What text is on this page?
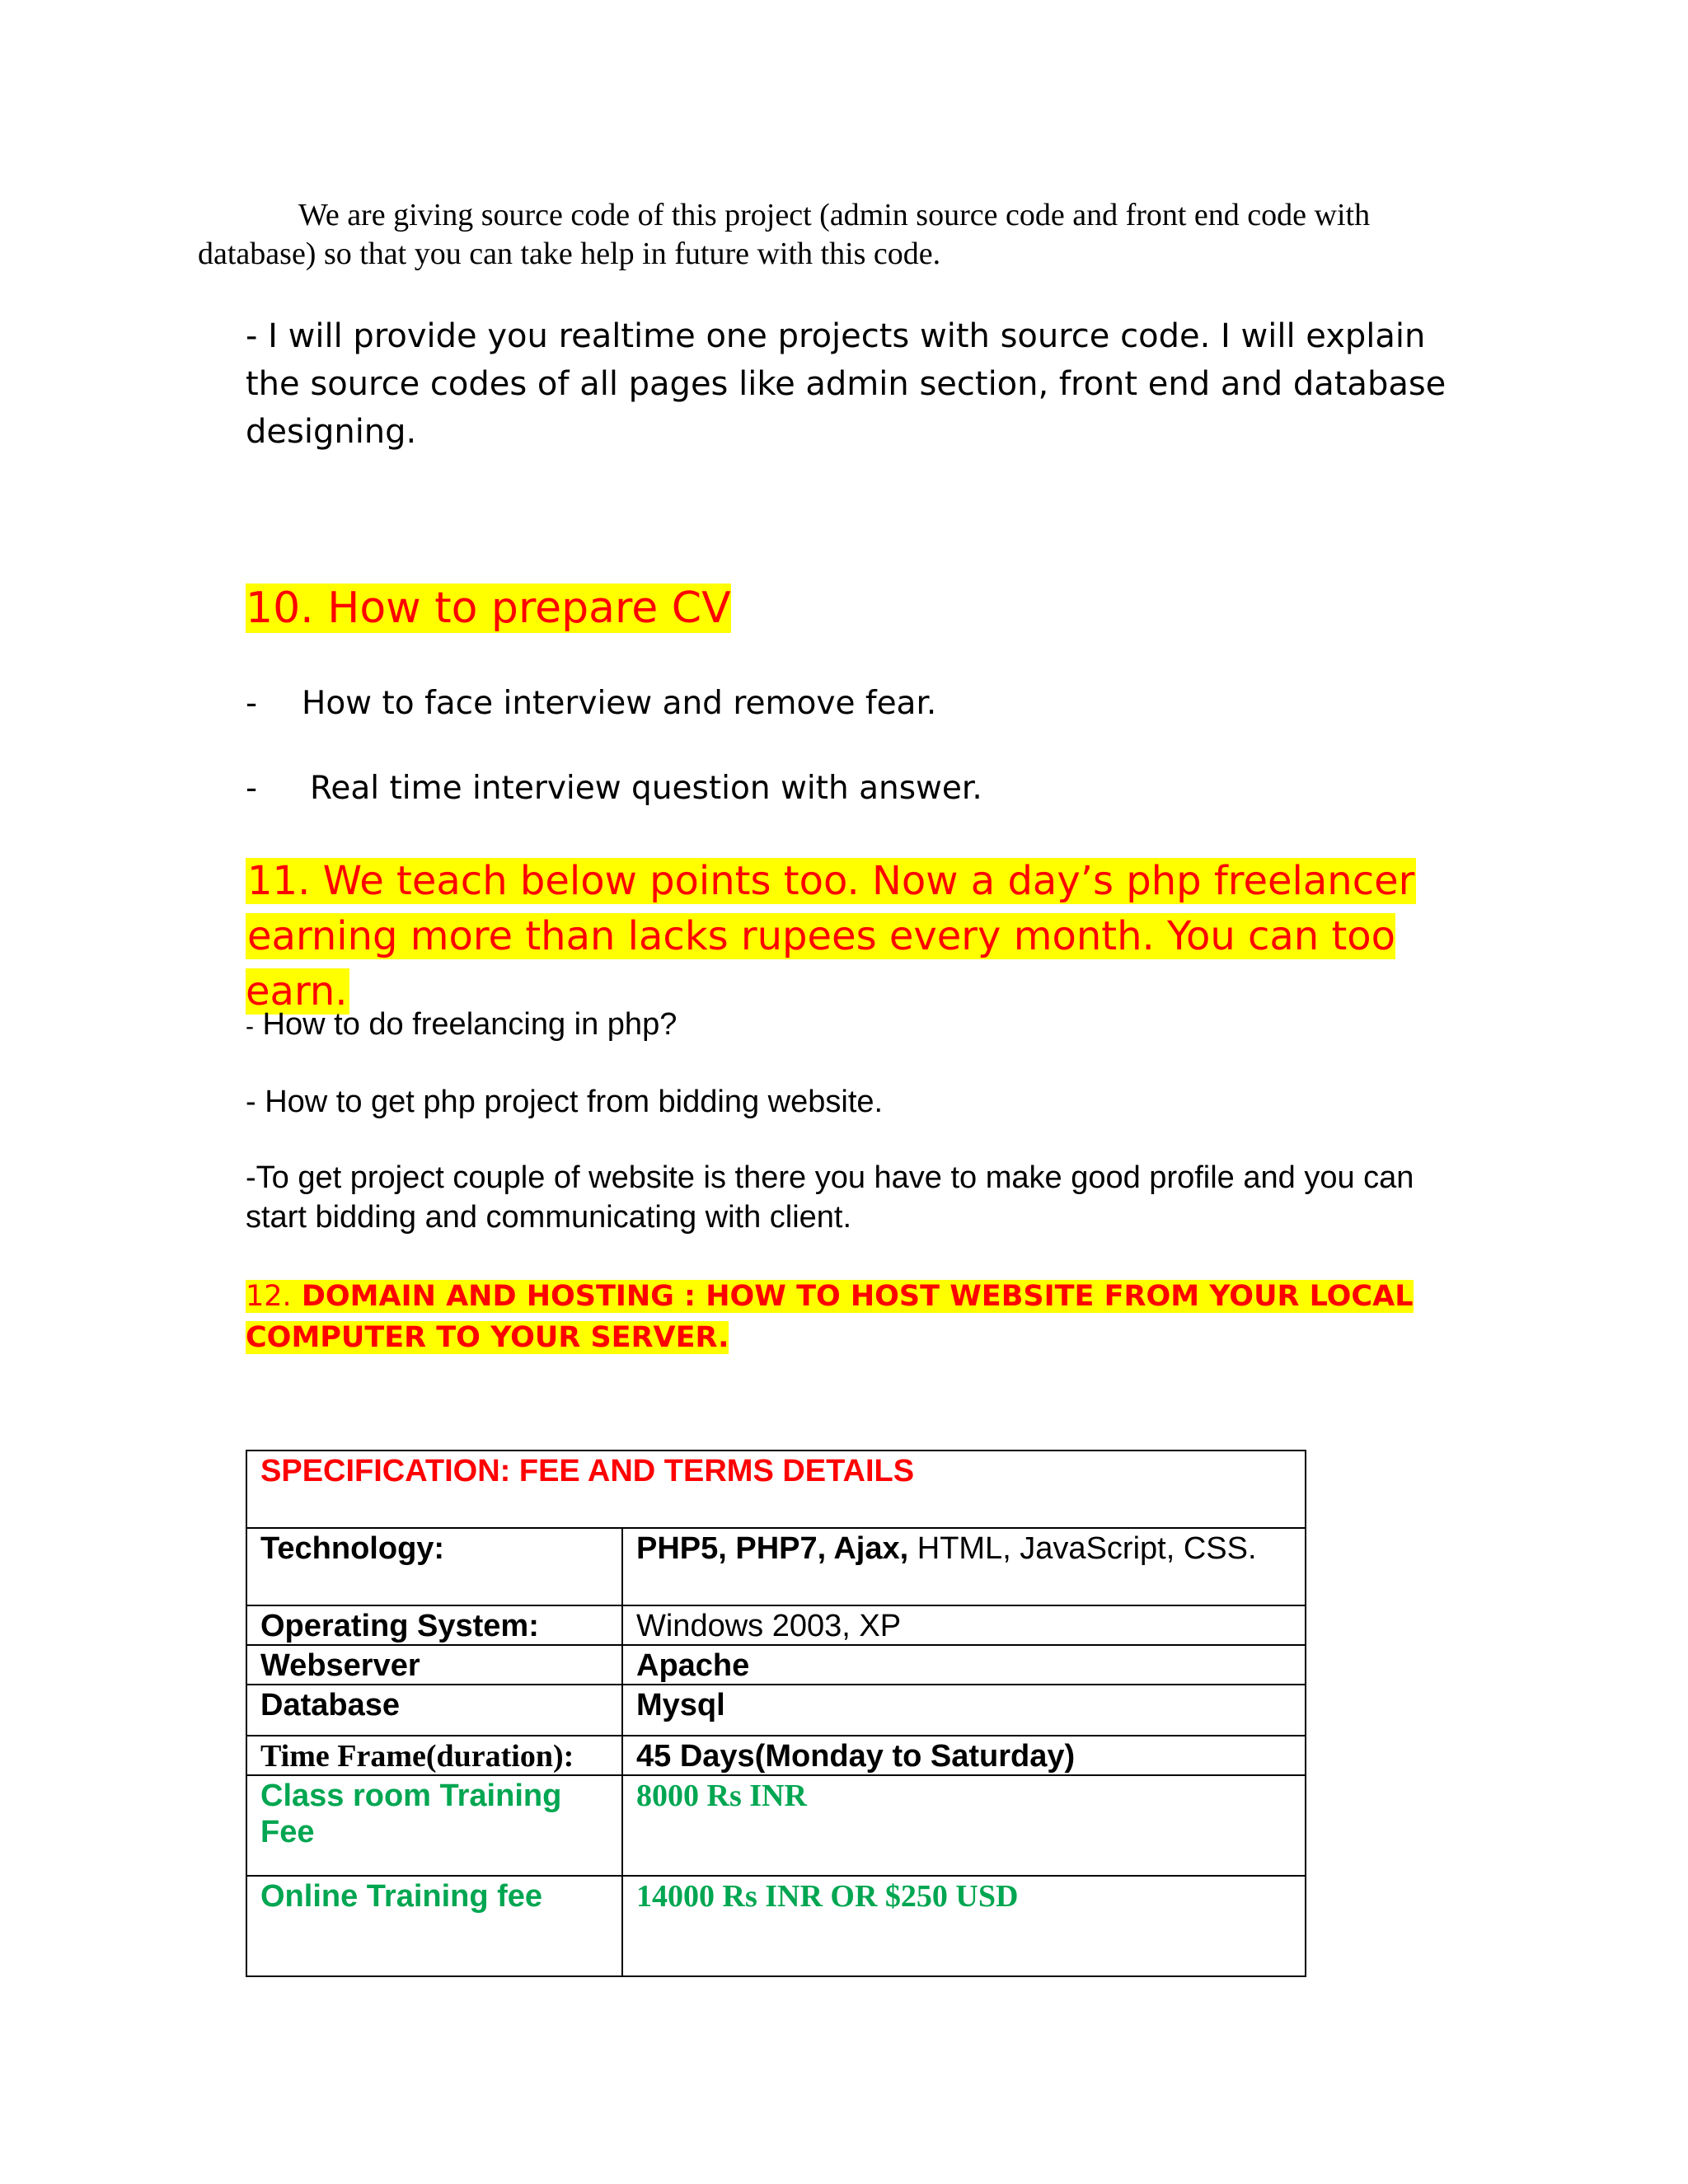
We are giving source code of this project (admin source code and front end code with database) so that you can take help in future with this code.

- I will provide you realtime one projects with source code. I will explain the source codes of all pages like admin section, front end and database designing.

10. How to prepare CV

- How to face interview and remove fear.
- Real time interview question with answer.

11. We teach below points too. Now a day’s php freelancer
earning more than lacks rupees every month. You can too earn.

- How to do freelancing in php?

- How to get php project from bidding website.

-To get project couple of website is there you have to make good profile and you can start bidding and communicating with client.

12. DOMAIN AND HOSTING : HOW TO HOST WEBSITE FROM YOUR LOCAL COMPUTER TO YOUR SERVER.

SPECIFICATION: FEE AND TERMS DETAILS	
Technology:	PHP5, PHP7, Ajax, HTML, JavaScript, CSS.
Operating System:	Windows 2003, XP
Webserver	Apache
Database	Mysql
Time Frame(duration):	45 Days(Monday to Saturday)
Class room Training Fee	8000 Rs INR
Online Training fee	14000 Rs INR OR $250 USD
